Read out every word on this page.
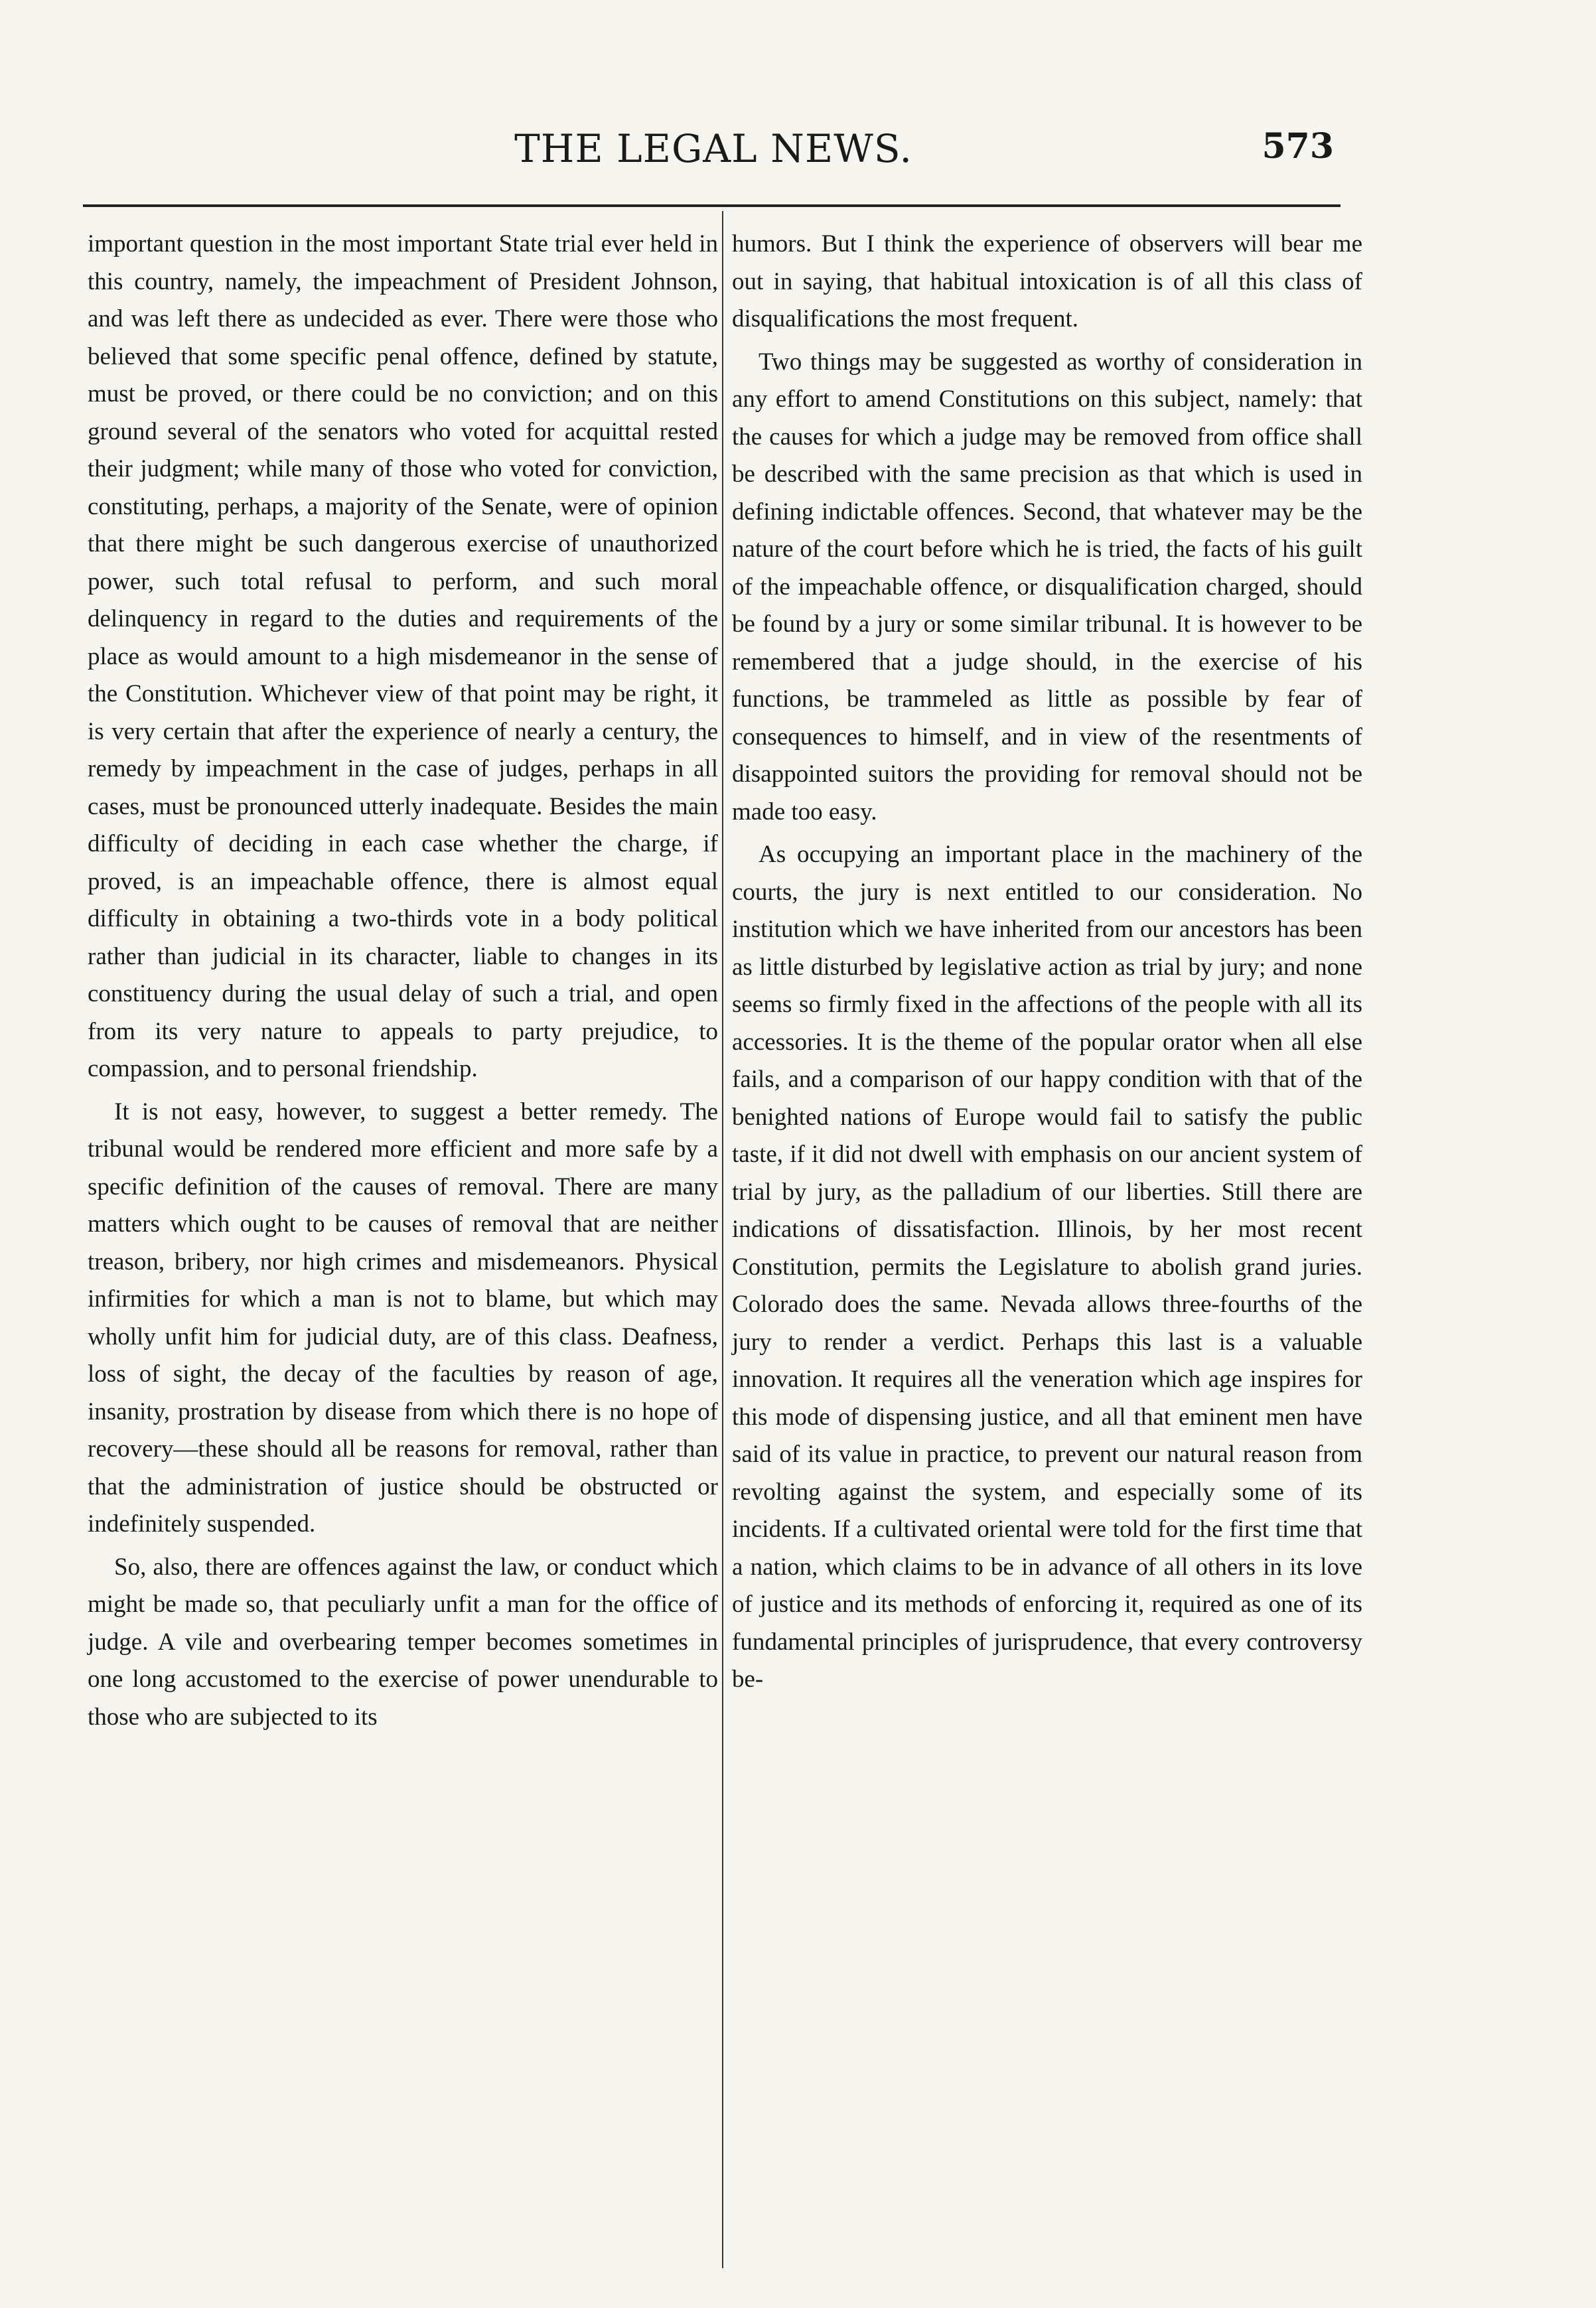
THE LEGAL NEWS.	573

important question in the most important State trial ever held in this country, namely, the impeachment of President Johnson, and was left there as undecided as ever. There were those who believed that some specific penal offence, defined by statute, must be proved, or there could be no conviction; and on this ground several of the senators who voted for acquittal rested their judgment; while many of those who voted for conviction, constituting, perhaps, a majority of the Senate, were of opinion that there might be such dangerous exercise of unauthorized power, such total refusal to perform, and such moral delinquency in regard to the duties and requirements of the place as would amount to a high misdemeanor in the sense of the Constitution. Whichever view of that point may be right, it is very certain that after the experience of nearly a century, the remedy by impeachment in the case of judges, perhaps in all cases, must be pronounced utterly inadequate. Besides the main difficulty of deciding in each case whether the charge, if proved, is an impeachable offence, there is almost equal difficulty in obtaining a two-thirds vote in a body political rather than judicial in its character, liable to changes in its constituency during the usual delay of such a trial, and open from its very nature to appeals to party prejudice, to compassion, and to personal friendship.

It is not easy, however, to suggest a better remedy. The tribunal would be rendered more efficient and more safe by a specific definition of the causes of removal. There are many matters which ought to be causes of removal that are neither treason, bribery, nor high crimes and misdemeanors. Physical infirmities for which a man is not to blame, but which may wholly unfit him for judicial duty, are of this class. Deafness, loss of sight, the decay of the faculties by reason of age, insanity, prostration by disease from which there is no hope of recovery—these should all be reasons for removal, rather than that the administration of justice should be obstructed or indefinitely suspended.

So, also, there are offences against the law, or conduct which might be made so, that peculiarly unfit a man for the office of judge. A vile and overbearing temper becomes sometimes in one long accustomed to the exercise of power unendurable to those who are subjected to its

humors. But I think the experience of observers will bear me out in saying, that habitual intoxication is of all this class of disqualifications the most frequent.

Two things may be suggested as worthy of consideration in any effort to amend Constitutions on this subject, namely: that the causes for which a judge may be removed from office shall be described with the same precision as that which is used in defining indictable offences. Second, that whatever may be the nature of the court before which he is tried, the facts of his guilt of the impeachable offence, or disqualification charged, should be found by a jury or some similar tribunal. It is however to be remembered that a judge should, in the exercise of his functions, be trammeled as little as possible by fear of consequences to himself, and in view of the resentments of disappointed suitors the providing for removal should not be made too easy.

As occupying an important place in the machinery of the courts, the jury is next entitled to our consideration. No institution which we have inherited from our ancestors has been as little disturbed by legislative action as trial by jury; and none seems so firmly fixed in the affections of the people with all its accessories. It is the theme of the popular orator when all else fails, and a comparison of our happy condition with that of the benighted nations of Europe would fail to satisfy the public taste, if it did not dwell with emphasis on our ancient system of trial by jury, as the palladium of our liberties. Still there are indications of dissatisfaction. Illinois, by her most recent Constitution, permits the Legislature to abolish grand juries. Colorado does the same. Nevada allows three-fourths of the jury to render a verdict. Perhaps this last is a valuable innovation. It requires all the veneration which age inspires for this mode of dispensing justice, and all that eminent men have said of its value in practice, to prevent our natural reason from revolting against the system, and especially some of its incidents. If a cultivated oriental were told for the first time that a nation, which claims to be in advance of all others in its love of justice and its methods of enforcing it, required as one of its fundamental principles of jurisprudence, that every controversy be-
